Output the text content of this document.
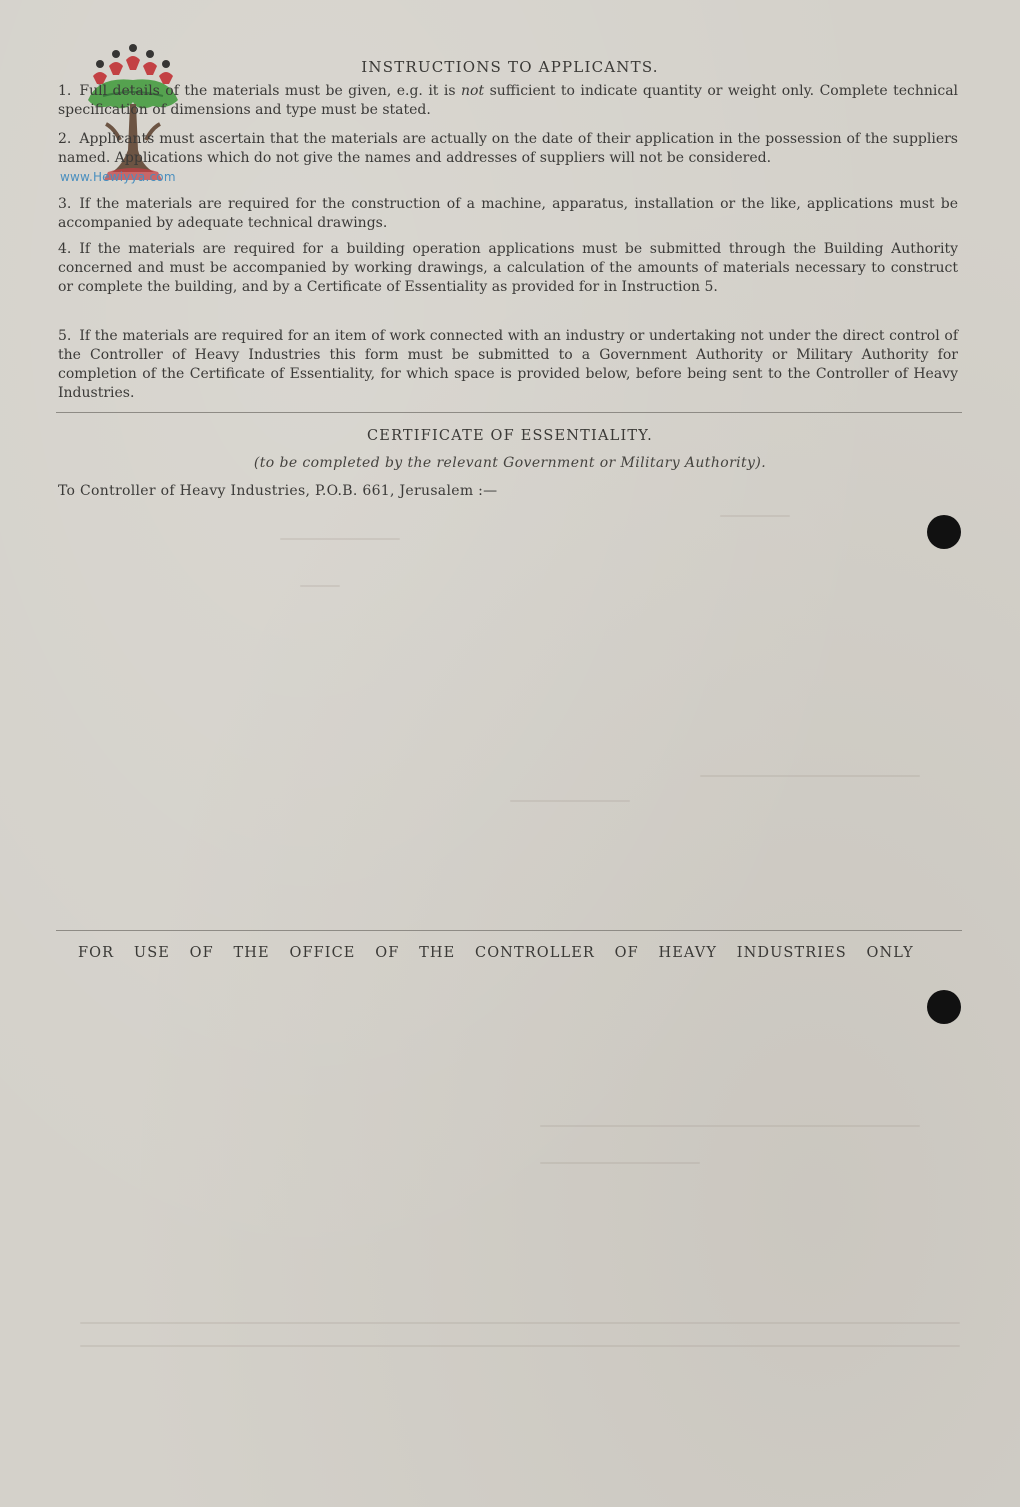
www.Hewiyya.com
INSTRUCTIONS TO APPLICANTS.
1. Full details of the materials must be given, e.g. it is not sufficient to indicate quantity or weight only. Complete technical specification of dimensions and type must be stated.
2. Applicants must ascertain that the materials are actually on the date of their application in the possession of the suppliers named. Applications which do not give the names and addresses of suppliers will not be considered.
3. If the materials are required for the construction of a machine, apparatus, installation or the like, applications must be accompanied by adequate technical drawings.
4. If the materials are required for a building operation applications must be submitted through the Building Authority concerned and must be accompanied by working drawings, a calculation of the amounts of materials necessary to construct or complete the building, and by a Certificate of Essentiality as provided for in Instruction 5.
5. If the materials are required for an item of work connected with an industry or undertaking not under the direct control of the Controller of Heavy Industries this form must be submitted to a Government Authority or Military Authority for completion of the Certificate of Essentiality, for which space is provided below, before being sent to the Controller of Heavy Industries.
CERTIFICATE OF ESSENTIALITY.
(to be completed by the relevant Government or Military Authority).
To Controller of Heavy Industries, P.O.B. 661, Jerusalem :—
FOR USE OF THE OFFICE OF THE CONTROLLER OF HEAVY INDUSTRIES ONLY
